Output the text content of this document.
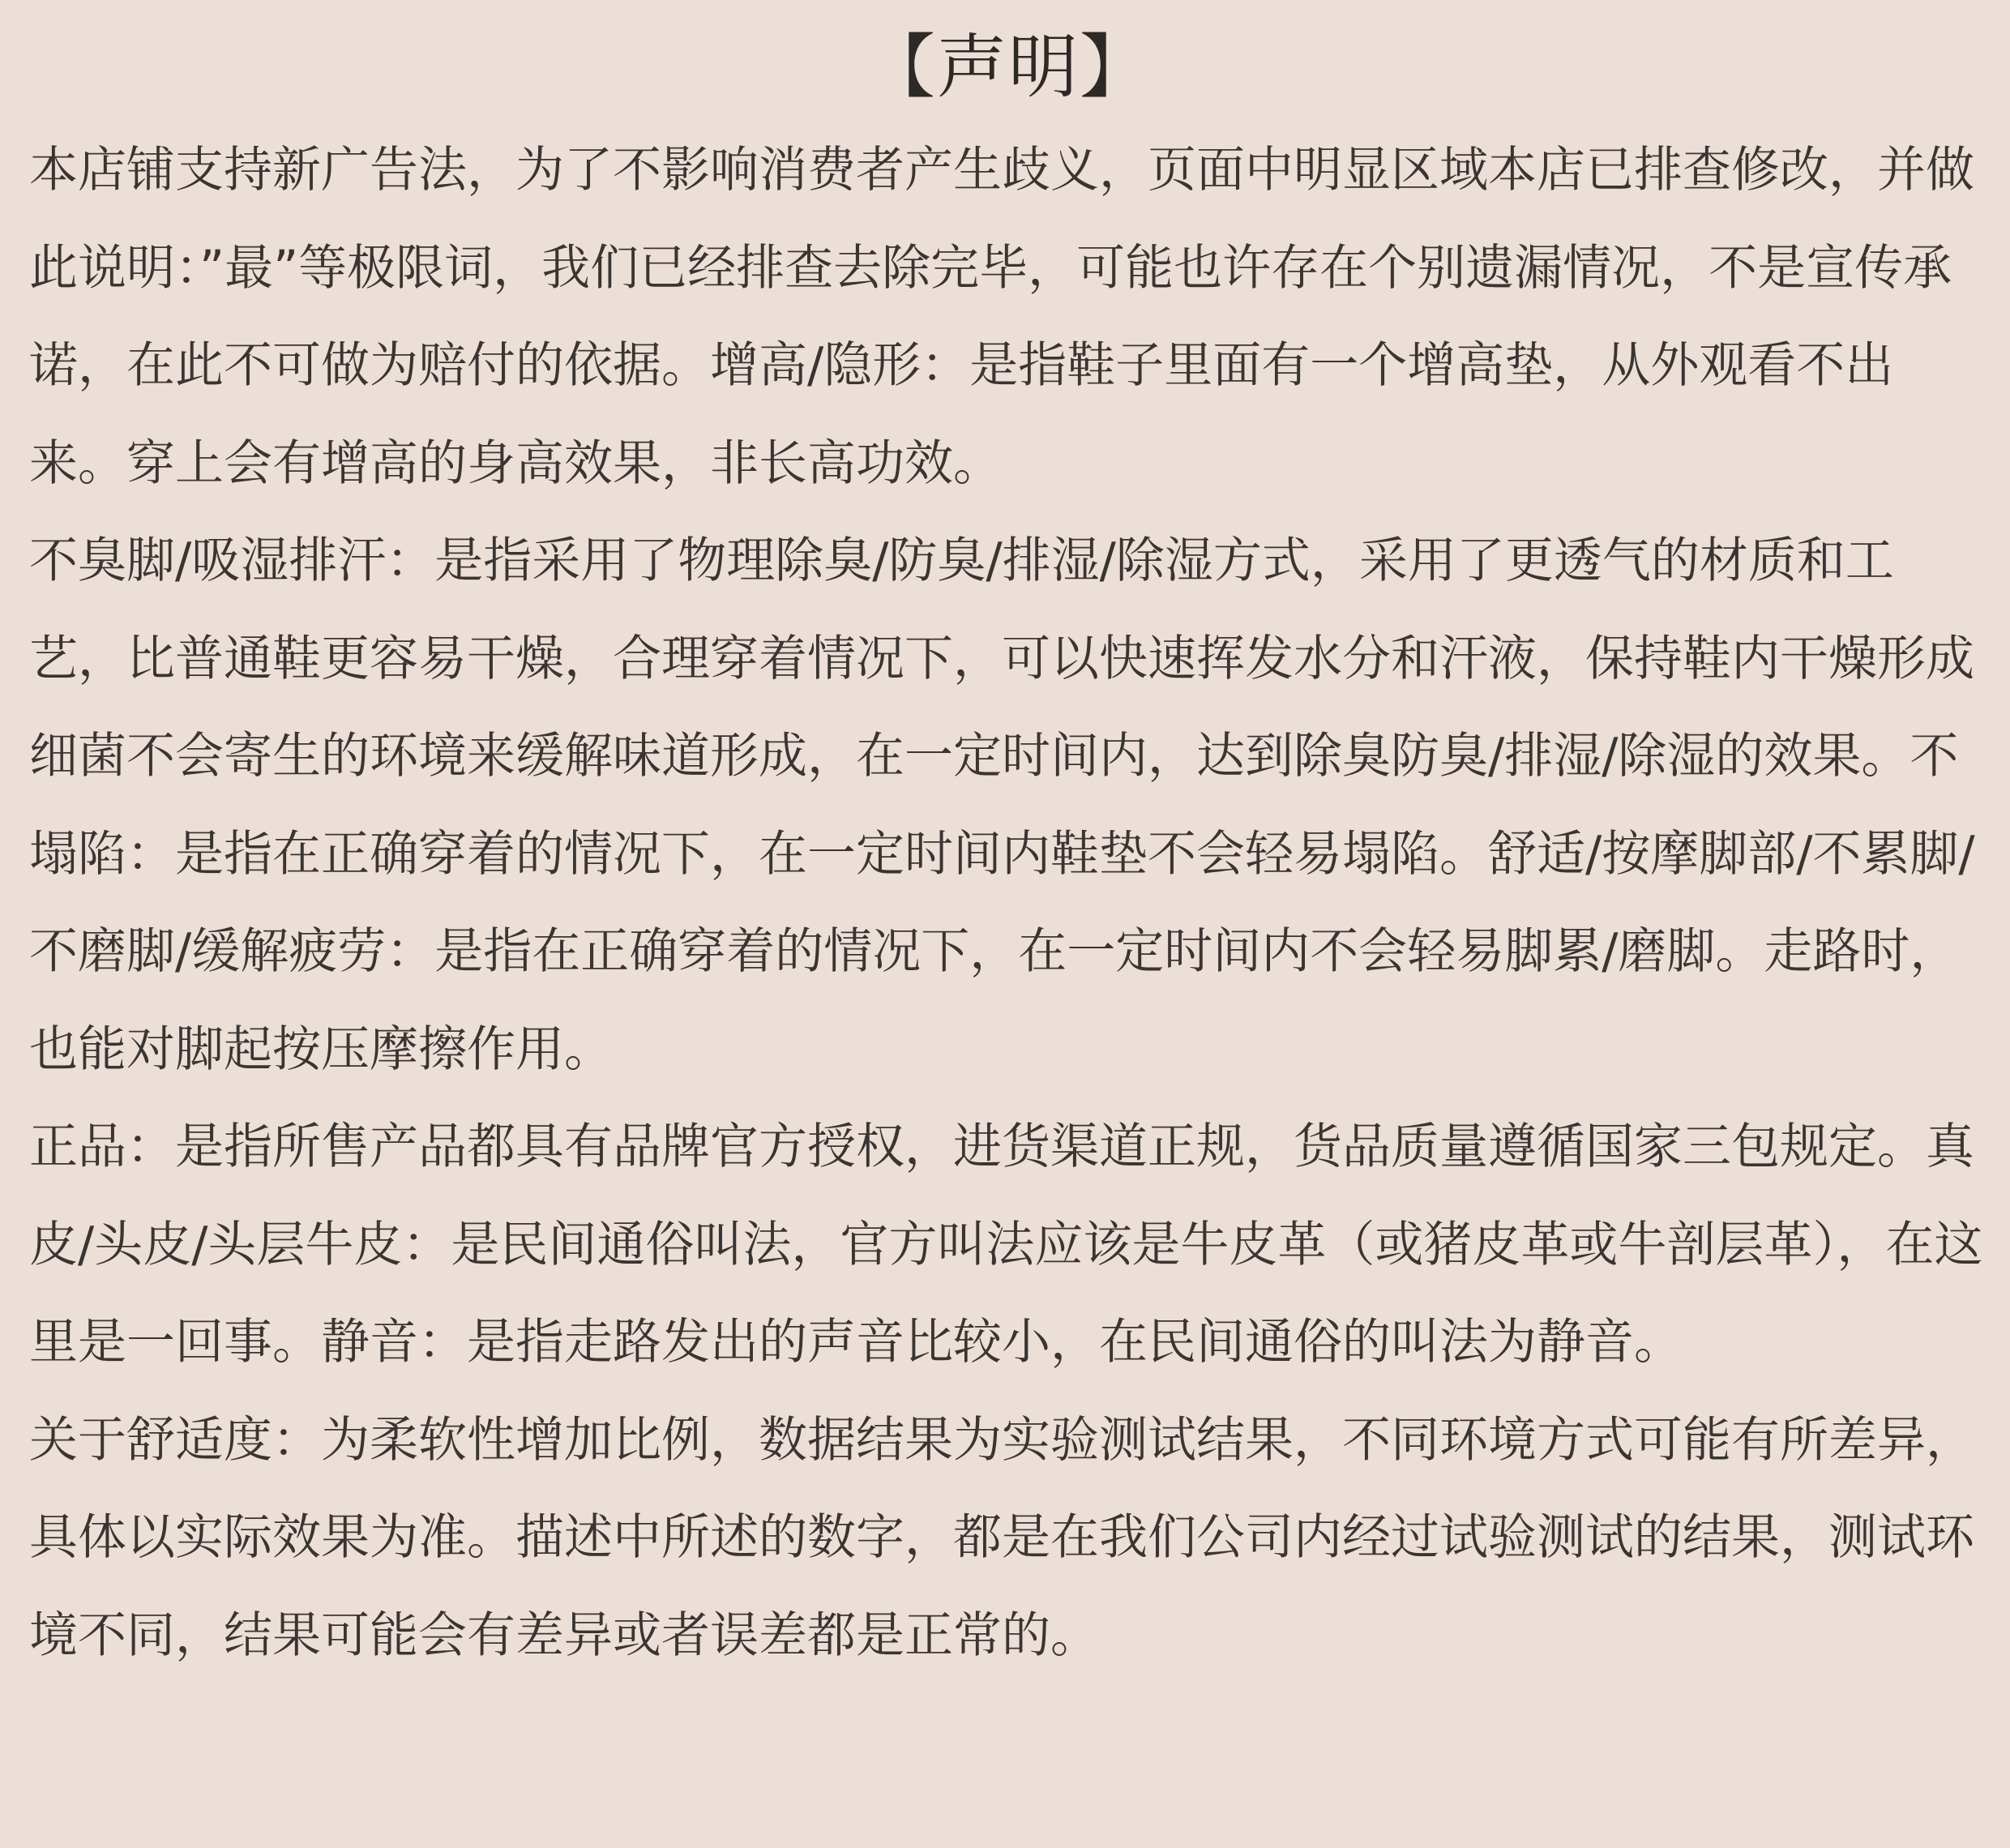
【声明】

本店铺支持新广告法，为了不影响消费者产生歧义，页面中明显区域本店已排查修改，并做此说明：”最”等极限词，我们已经排查去除完毕，可能也许存在个别遗漏情况，不是宣传承诺，在此不可做为赔付的依据。增高/隐形：是指鞋子里面有一个增高垫，从外观看不出来。穿上会有增高的身高效果，非长高功效。

不臭脚/吸湿排汗：是指采用了物理除臭/防臭/排湿/除湿方式，采用了更透气的材质和工艺，比普通鞋更容易干燥，合理穿着情况下，可以快速挥发水分和汗液，保持鞋内干燥形成细菌不会寄生的环境来缓解味道形成，在一定时间内，达到除臭防臭/排湿/除湿的效果。不塌陷：是指在正确穿着的情况下，在一定时间内鞋垫不会轻易塌陷。舒适/按摩脚部/不累脚/不磨脚/缓解疲劳：是指在正确穿着的情况下，在一定时间内不会轻易脚累/磨脚。走路时，也能对脚起按压摩擦作用。

正品：是指所售产品都具有品牌官方授权，进货渠道正规，货品质量遵循国家三包规定。真皮/头皮/头层牛皮：是民间通俗叫法，官方叫法应该是牛皮革（或猪皮革或牛剖层革），在这里是一回事。静音：是指走路发出的声音比较小，在民间通俗的叫法为静音。

关于舒适度：为柔软性增加比例，数据结果为实验测试结果，不同环境方式可能有所差异，具体以实际效果为准。描述中所述的数字，都是在我们公司内经过试验测试的结果，测试环境不同，结果可能会有差异或者误差都是正常的。
